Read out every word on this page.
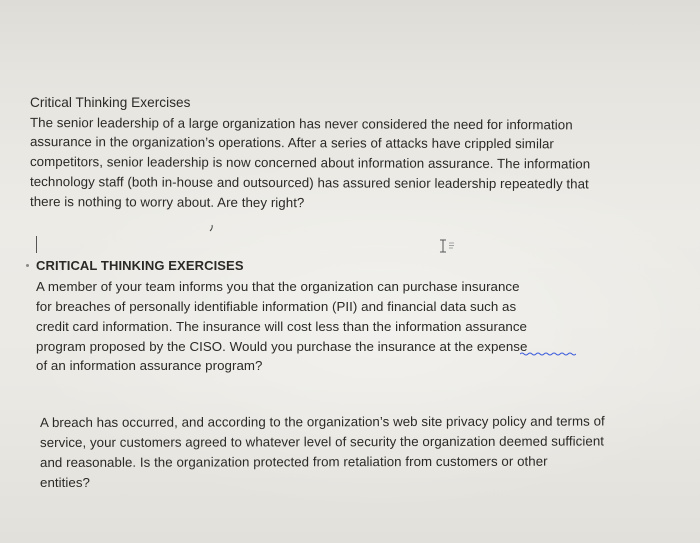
Critical Thinking Exercises
The senior leadership of a large organization has never considered the need for information
assurance in the organization’s operations. After a series of attacks have crippled similar
competitors, senior leadership is now concerned about information assurance. The information
technology staff (both in-house and outsourced) has assured senior leadership repeatedly that
there is nothing to worry about. Are they right?
CRITICAL THINKING EXERCISES
A member of your team informs you that the organization can purchase insurance
for breaches of personally identifiable information (PII) and financial data such as
credit card information. The insurance will cost less than the information assurance
program proposed by the CISO. Would you purchase the insurance at the expense
of an information assurance program?
A breach has occurred, and according to the organization’s web site privacy policy and terms of
service, your customers agreed to whatever level of security the organization deemed sufficient
and reasonable. Is the organization protected from retaliation from customers or other
entities?
